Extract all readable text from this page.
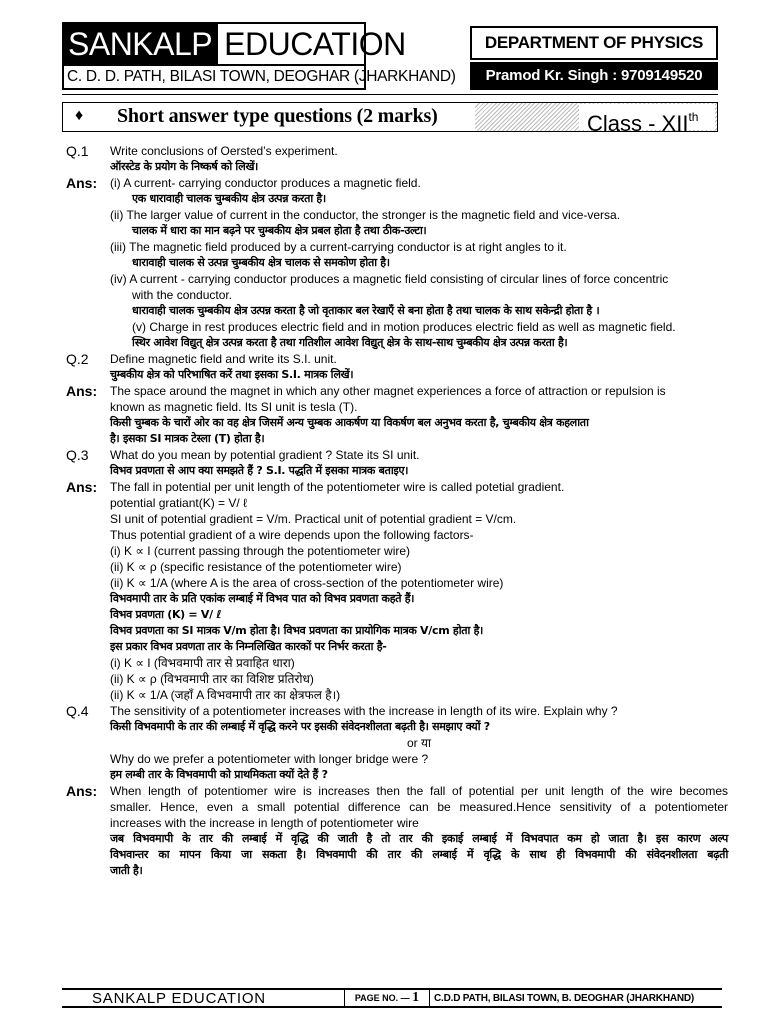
SANKALP EDUCATION
C. D. D. PATH, BILASI TOWN, DEOGHAR (JHARKHAND)
DEPARTMENT OF PHYSICS
Pramod Kr. Singh : 9709149520
♦ Short answer type questions (2 marks)	Class - XIIth
Q.1	Write conclusions of Oersted’s experiment.
ऑरस्टेड के प्रयोग के निष्कर्ष को लिखें।
Ans:	(i) A current- carrying conductor produces a magnetic field.
एक धारावाही चालक चुम्बकीय क्षेत्र उत्पन्न करता है।
(ii) The larger value of current in the conductor, the stronger is the magnetic field and vice-versa.
चालक में धारा का मान बढ़ने पर चुम्बकीय क्षेत्र प्रबल होता है तथा ठीक-उल्टा।
(iii) The magnetic field produced by a current-carrying conductor is at right angles to it.
धारावाही चालक से उत्पन्न चुम्बकीय क्षेत्र चालक से समकोण होता है।
(iv) A current - carrying conductor produces a magnetic field consisting of circular lines of force concentric
with the conductor.
धारावाही चालक चुम्बकीय क्षेत्र उत्पन्न करता है जो वृताकार बल रेखाएँ से बना होता है तथा चालक के साथ सकेन्द्री होता है ।
(v) Charge in rest produces electric field and in motion produces electric field as well as magnetic field.
स्थिर आवेश विद्युत् क्षेत्र उत्पन्न करता है तथा गतिशील आवेश विद्युत् क्षेत्र के साथ-साथ चुम्बकीय क्षेत्र उत्पन्न करता है।
Q.2	Define magnetic field and write its S.I. unit.
चुम्बकीय क्षेत्र को परिभाषित करें तथा इसका S.I. मात्रक लिखें।
Ans:	The space around the magnet in which any other magnet experiences a force of attraction or repulsion is
known as magnetic field. Its SI unit is tesla (T).
किसी चुम्बक के चारों ओर का वह क्षेत्र जिसमें अन्य चुम्बक आकर्षण या विकर्षण बल अनुभव करता है, चुम्बकीय क्षेत्र कहलाता
है। इसका SI मात्रक टेस्ला (T) होता है।
Q.3	What do you mean by potential gradient ? State its SI unit.
विभव प्रवणता से आप क्या समझते हैं ? S.I. पद्धति में इसका मात्रक बताइए।
Ans:	The fall in potential per unit length of the potentiometer wire is called potetial gradient.
potential gratiant(K) = V/ ℓ
SI unit of potential gradient = V/m. Practical unit of potential gradient = V/cm.
Thus potential gradient of a wire depends upon the following factors-
(i) K ∝ I (current passing through the potentiometer wire)
(ii) K ∝ ρ (specific resistance of the potentiometer wire)
(ii) K ∝ 1/A (where A is the area of cross-section of the potentiometer wire)
विभवमापी तार के प्रति एकांक लम्बाई में विभव पात को विभव प्रवणता कहते हैं।
विभव प्रवणता (K) = V/ ℓ
विभव प्रवणता का SI मात्रक V/m होता है। विभव प्रवणता का प्रायोगिक मात्रक V/cm होता है।
इस प्रकार विभव प्रवणता तार के निम्नलिखित कारकों पर निर्भर करता है-
(i) K ∝ I (विभवमापी तार से प्रवाहित धारा)
(ii) K ∝ ρ (विभवमापी तार का विशिष्ट प्रतिरोध)
(ii) K ∝ 1/A (जहाँ A विभवमापी तार का क्षेत्रफल है।)
Q.4	The sensitivity of a potentiometer increases with the increase in length of its wire. Explain why ?
किसी विभवमापी के तार की लम्बाई में वृद्धि करने पर इसकी संवेदनशीलता बढ़ती है। समझाए क्यों ?
or या
Why do we prefer a potentiometer with longer bridge were ?
हम लम्बी तार के विभवमापी को प्राथमिकता क्यों देते हैं ?
Ans:	When length of potentiomer wire is increases then the fall of potential per unit length of the wire becomes
smaller. Hence, even a small potential difference can be measured.Hence sensitivity of a potentiometer
increases with the increase in length of potentiometer wire
जब विभवमापी के तार की लम्बाई में वृद्धि की जाती है तो तार की इकाई लम्बाई में विभवपात कम हो जाता है। इस कारण अल्प
विभवान्तर का मापन किया जा सकता है। विभवमापी की तार की लम्बाई में वृद्धि के साथ ही विभवमापी की संवेदनशीलता बढ़ती
जाती है।
SANKALP EDUCATION	PAGE NO. — 1	C.D.D PATH, BILASI TOWN, B. DEOGHAR (JHARKHAND)
